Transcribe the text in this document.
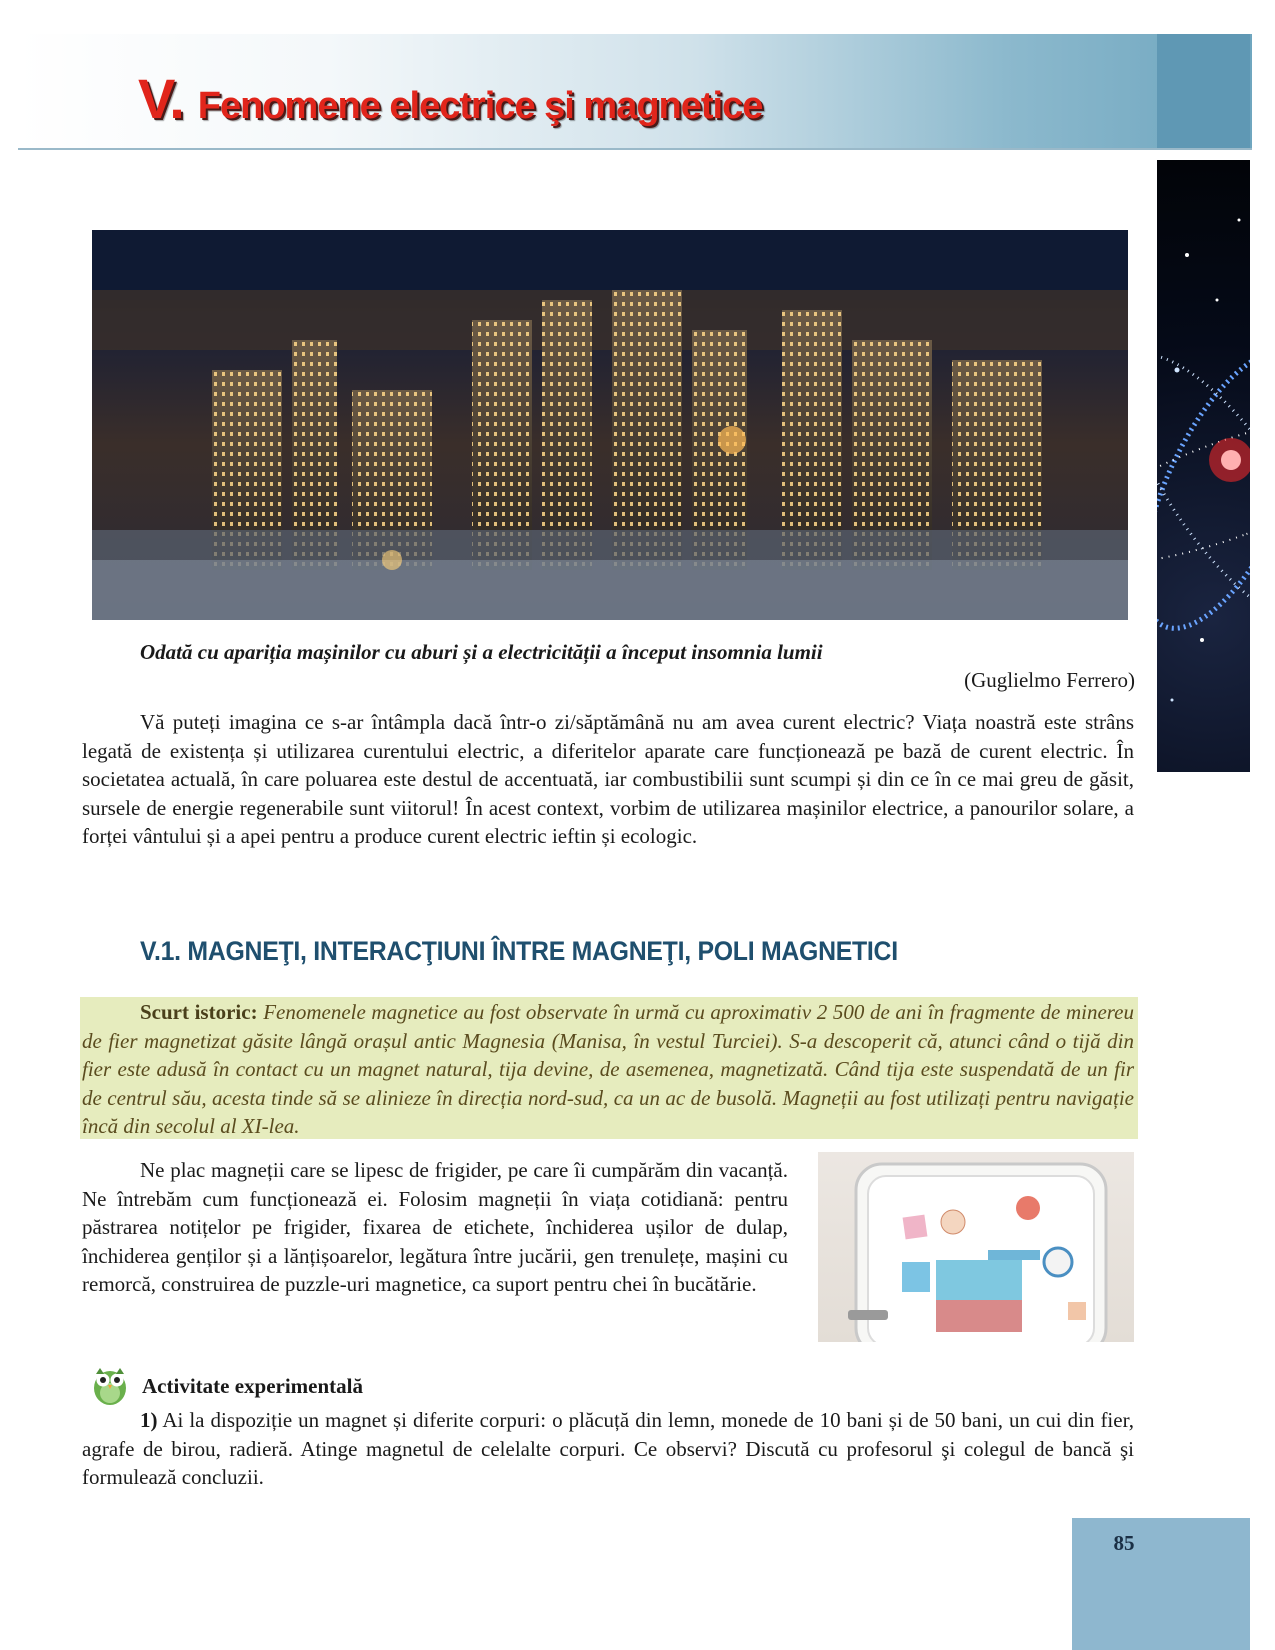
V. Fenomene electrice şi magnetice
Odată cu apariția mașinilor cu aburi și a electricității a început insomnia lumii
(Guglielmo Ferrero)
Vă puteți imagina ce s-ar întâmpla dacă într-o zi/săptămână nu am avea curent electric? Viața noastră este strâns legată de existența și utilizarea curentului electric, a diferitelor aparate care funcționează pe bază de curent electric. În societatea actuală, în care poluarea este destul de accentuată, iar combustibilii sunt scumpi și din ce în ce mai greu de găsit, sursele de energie regenerabile sunt viitorul! În acest context, vorbim de utilizarea mașinilor electrice, a panourilor solare, a forței vântului și a apei pentru a produce curent electric ieftin și ecologic.
V.1. MAGNEŢI, INTERACŢIUNI ÎNTRE MAGNEŢI, POLI MAGNETICI
Scurt istoric: Fenomenele magnetice au fost observate în urmă cu aproximativ 2 500 de ani în fragmente de minereu de fier magnetizat găsite lângă orașul antic Magnesia (Manisa, în vestul Turciei). S-a descoperit că, atunci când o tijă din fier este adusă în contact cu un magnet natural, tija devine, de asemenea, magnetizată. Când tija este suspendată de un fir de centrul său, acesta tinde să se alinieze în direcția nord-sud, ca un ac de busolă. Magneții au fost utilizați pentru navigație încă din secolul al XI-lea.
Ne plac magneții care se lipesc de frigider, pe care îi cumpărăm din vacanță. Ne întrebăm cum funcționează ei. Folosim magneții în viața cotidiană: pentru păstrarea notițelor pe frigider, fixarea de etichete, închiderea ușilor de dulap, închiderea genților și a lănțișoarelor, legătura între jucării, gen trenulețe, mașini cu remorcă, construirea de puzzle-uri magnetice, ca suport pentru chei în bucătărie.
Activitate experimentală
1) Ai la dispoziție un magnet și diferite corpuri: o plăcuță din lemn, monede de 10 bani și de 50 bani, un cui din fier, agrafe de birou, radieră. Atinge magnetul de celelalte corpuri. Ce observi? Discută cu profesorul şi colegul de bancă şi formulează concluzii.
85
